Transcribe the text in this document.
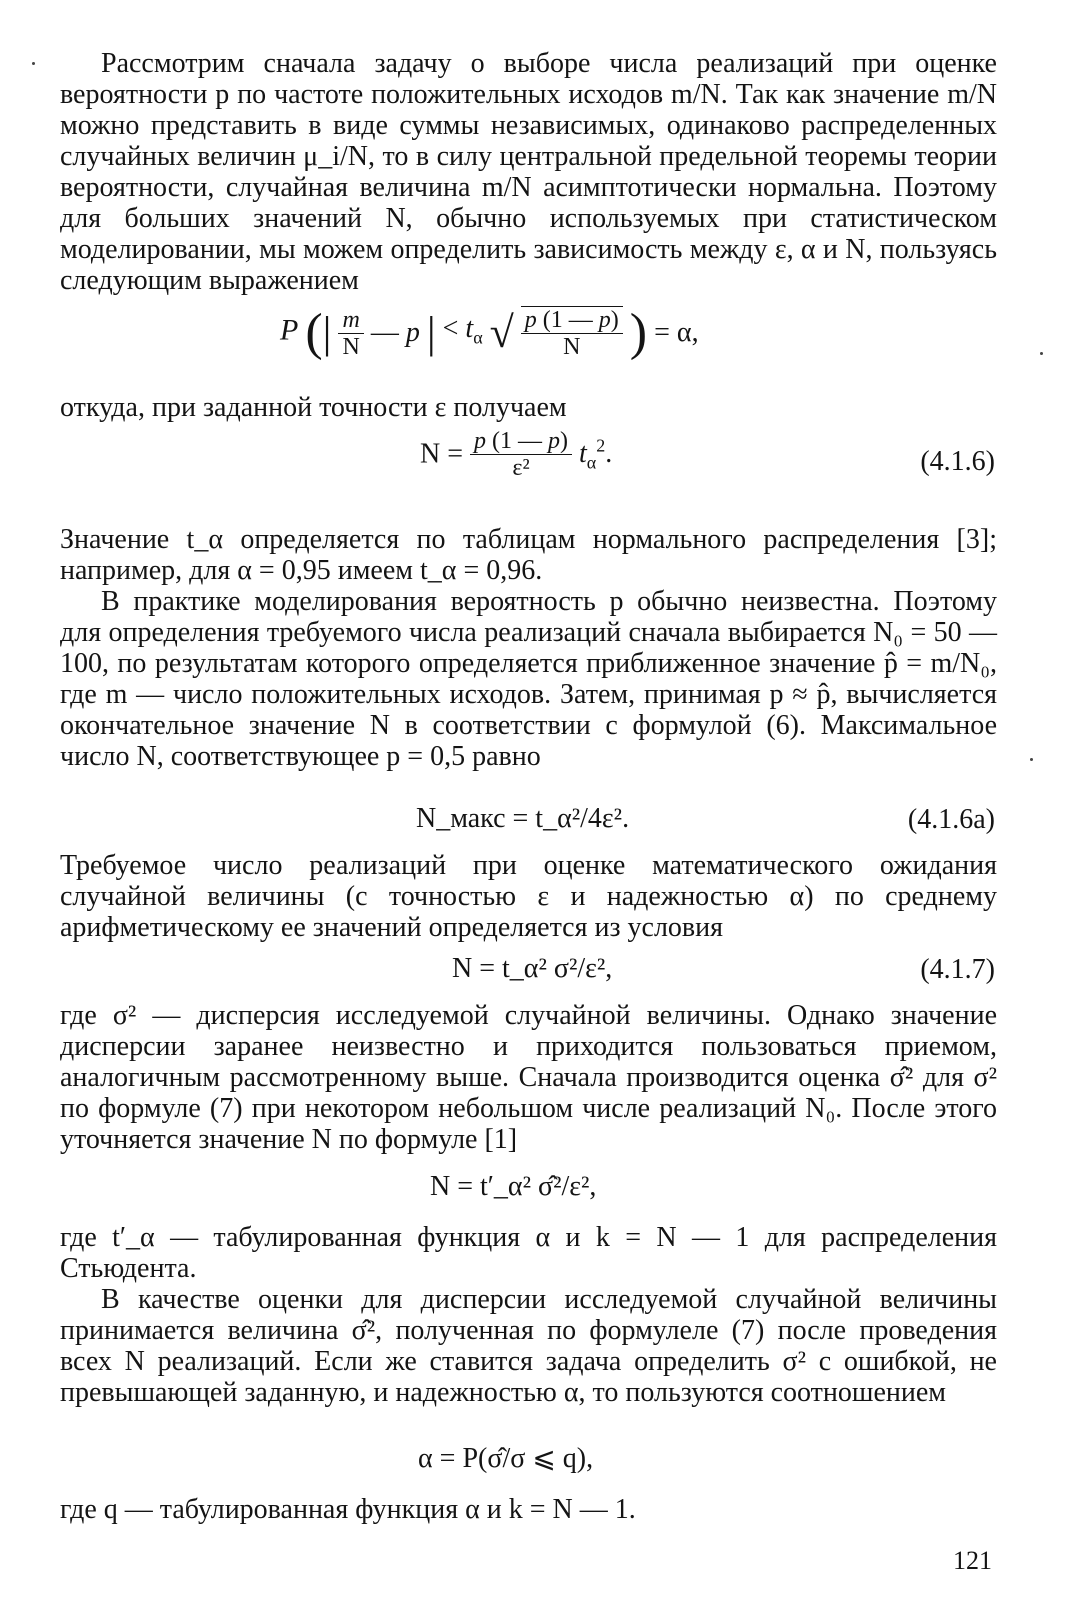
Рассмотрим сначала задачу о выборе числа реализаций при оценке вероятности p по частоте положительных исходов m/N. Так как значение m/N можно представить в виде суммы независимых, одинаково распределенных случайных величин μ_i/N, то в силу центральной предельной теоремы теории вероятности, случайная величина m/N асимптотически нормальна. Поэтому для больших значений N, обычно используемых при статистическом моделировании, мы можем определить зависимость между ε, α и N, пользуясь следующим выражением

P (| $\frac{m}{N}$ — p | < $t_\alpha$ √ $\frac{p (1 — p)}{N}$ ) = α,

откуда, при заданной точности ε получаем

$N = \frac{p (1 — p)}{\text{ε²}} t_\alpha^2$.	(4.1.6)

Значение t_α определяется по таблицам нормального распределения [3]; например, для α = 0,95 имеем t_α = 0,96.

В практике моделирования вероятность p обычно неизвестна. Поэтому для определения требуемого числа реализаций сначала выбирается N₀ = 50 — 100, по результатам которого определяется приближенное значение p̂ = m/N₀, где m — число положительных исходов. Затем, принимая p ≈ p̂, вычисляется окончательное значение N в соответствии с формулой (6). Максимальное число N, соответствующее p = 0,5 равно

N_макс = t_α²/4ε².	(4.1.6a)

Требуемое число реализаций при оценке математического ожидания случайной величины (с точностью ε и надежностью α) по среднему арифметическому ее значений определяется из условия

N = t_α² σ²/ε²,	(4.1.7)

где σ² — дисперсия исследуемой случайной величины. Однако значение дисперсии заранее неизвестно и приходится пользоваться приемом, аналогичным рассмотренному выше. Сначала производится оценка σ̂² для σ² по формуле (7) при некотором небольшом числе реализаций N₀. После этого уточняется значение N по формуле [1]

N = t′_α² σ̂²/ε²,

где t′_α — табулированная функция α и k = N — 1 для распределения Стьюдента.

В качестве оценки для дисперсии исследуемой случайной величины принимается величина σ̂², полученная по формулеле (7) после проведения всех N реализаций. Если же ставится задача определить σ² с ошибкой, не превышающей заданную, и надежностью α, то пользуются соотношением

α = P(σ̂/σ ⩽ q),

где q — табулированная функция α и k = N — 1.

121
